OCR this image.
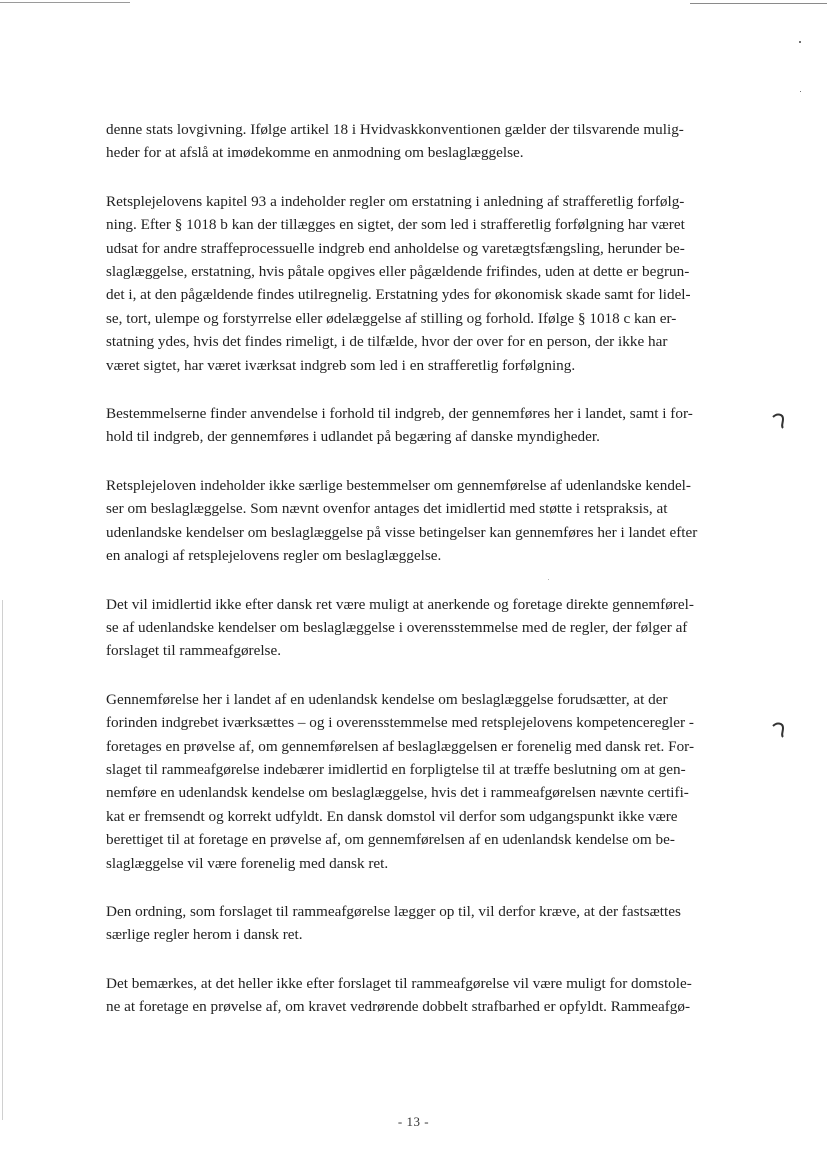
denne stats lovgivning. Ifølge artikel 18 i Hvidvaskkonventionen gælder der tilsvarende mulig-
heder for at afslå at imødekomme en anmodning om beslaglæggelse.

Retsplejelovens kapitel 93 a indeholder regler om erstatning i anledning af strafferetlig forfølg-
ning. Efter § 1018 b kan der tillægges en sigtet, der som led i strafferetlig forfølgning har været
udsat for andre straffeprocessuelle indgreb end anholdelse og varetægtsfængsling, herunder be-
slaglæggelse, erstatning, hvis påtale opgives eller pågældende frifindes, uden at dette er begrun-
det i, at den pågældende findes utilregnelig. Erstatning ydes for økonomisk skade samt for lidel-
se, tort, ulempe og forstyrrelse eller ødelæggelse af stilling og forhold. Ifølge § 1018 c kan er-
statning ydes, hvis det findes rimeligt, i de tilfælde, hvor der over for en person, der ikke har
været sigtet, har været iværksat indgreb som led i en strafferetlig forfølgning.

Bestemmelserne finder anvendelse i forhold til indgreb, der gennemføres her i landet, samt i for-
hold til indgreb, der gennemføres i udlandet på begæring af danske myndigheder.

Retsplejeloven indeholder ikke særlige bestemmelser om gennemførelse af udenlandske kendel-
ser om beslaglæggelse. Som nævnt ovenfor antages det imidlertid med støtte i retspraksis, at
udenlandske kendelser om beslaglæggelse på visse betingelser kan gennemføres her i landet efter
en analogi af retsplejelovens regler om beslaglæggelse.

Det vil imidlertid ikke efter dansk ret være muligt at anerkende og foretage direkte gennemførel-
se af udenlandske kendelser om beslaglæggelse i overensstemmelse med de regler, der følger af
forslaget til rammeafgørelse.

Gennemførelse her i landet af en udenlandsk kendelse om beslaglæggelse forudsætter, at der
forinden indgrebet iværksættes – og i overensstemmelse med retsplejelovens kompetenceregler -
foretages en prøvelse af, om gennemførelsen af beslaglæggelsen er forenelig med dansk ret. For-
slaget til rammeafgørelse indebærer imidlertid en forpligtelse til at træffe beslutning om at gen-
nemføre en udenlandsk kendelse om beslaglæggelse, hvis det i rammeafgørelsen nævnte certifi-
kat er fremsendt og korrekt udfyldt. En dansk domstol vil derfor som udgangspunkt ikke være
berettiget til at foretage en prøvelse af, om gennemførelsen af en udenlandsk kendelse om be-
slaglæggelse vil være forenelig med dansk ret.

Den ordning, som forslaget til rammeafgørelse lægger op til, vil derfor kræve, at der fastsættes
særlige regler herom i dansk ret.

Det bemærkes, at det heller ikke efter forslaget til rammeafgørelse vil være muligt for domstole-
ne at foretage en prøvelse af, om kravet vedrørende dobbelt strafbarhed er opfyldt. Rammeafgø-

- 13 -
